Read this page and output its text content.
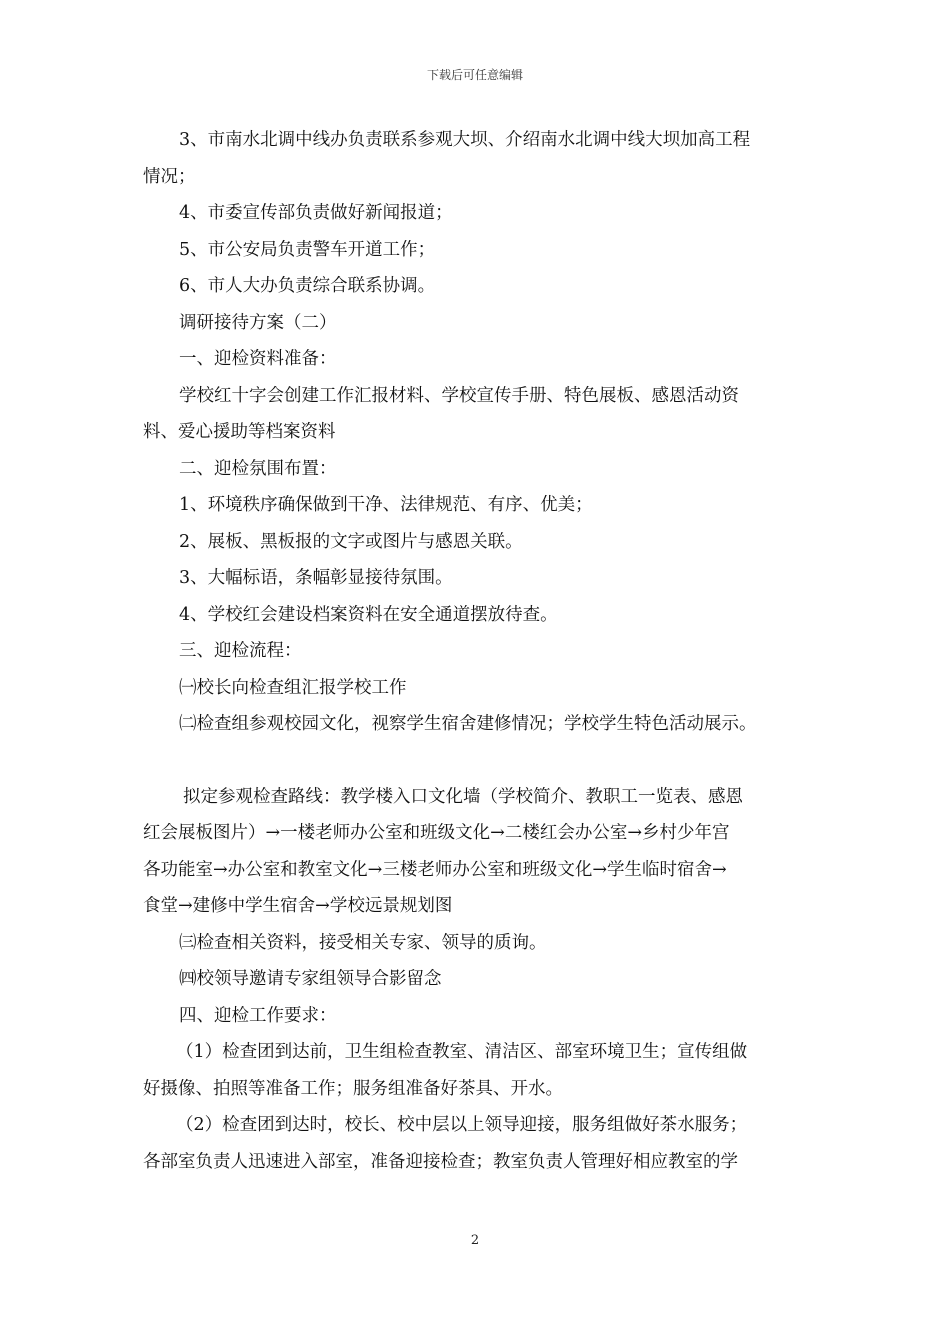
下载后可任意编辑

3、市南水北调中线办负责联系参观大坝、介绍南水北调中线大坝加高工程

情况；

4、市委宣传部负责做好新闻报道；

5、市公安局负责警车开道工作；

6、市人大办负责综合联系协调。

调研接待方案（二）

一、迎检资料准备：

学校红十字会创建工作汇报材料、学校宣传手册、特色展板、感恩活动资

料、爱心援助等档案资料

二、迎检氛围布置：

1、环境秩序确保做到干净、法律规范、有序、优美；

2、展板、黑板报的文字或图片与感恩关联。

3、大幅标语，条幅彰显接待氛围。

4、学校红会建设档案资料在安全通道摆放待查。

三、迎检流程：

㈠校长向检查组汇报学校工作

㈡检查组参观校园文化，视察学生宿舍建修情况；学校学生特色活动展示。

拟定参观检查路线：教学楼入口文化墙（学校简介、教职工一览表、感恩

红会展板图片）→一楼老师办公室和班级文化→二楼红会办公室→乡村少年宫

各功能室→办公室和教室文化→三楼老师办公室和班级文化→学生临时宿舍→

食堂→建修中学生宿舍→学校远景规划图

㈢检查相关资料，接受相关专家、领导的质询。

㈣校领导邀请专家组领导合影留念

四、迎检工作要求：

（1）检查团到达前，卫生组检查教室、清洁区、部室环境卫生；宣传组做

好摄像、拍照等准备工作；服务组准备好茶具、开水。

（2）检查团到达时，校长、校中层以上领导迎接，服务组做好茶水服务；

各部室负责人迅速进入部室，准备迎接检查；教室负责人管理好相应教室的学

2
